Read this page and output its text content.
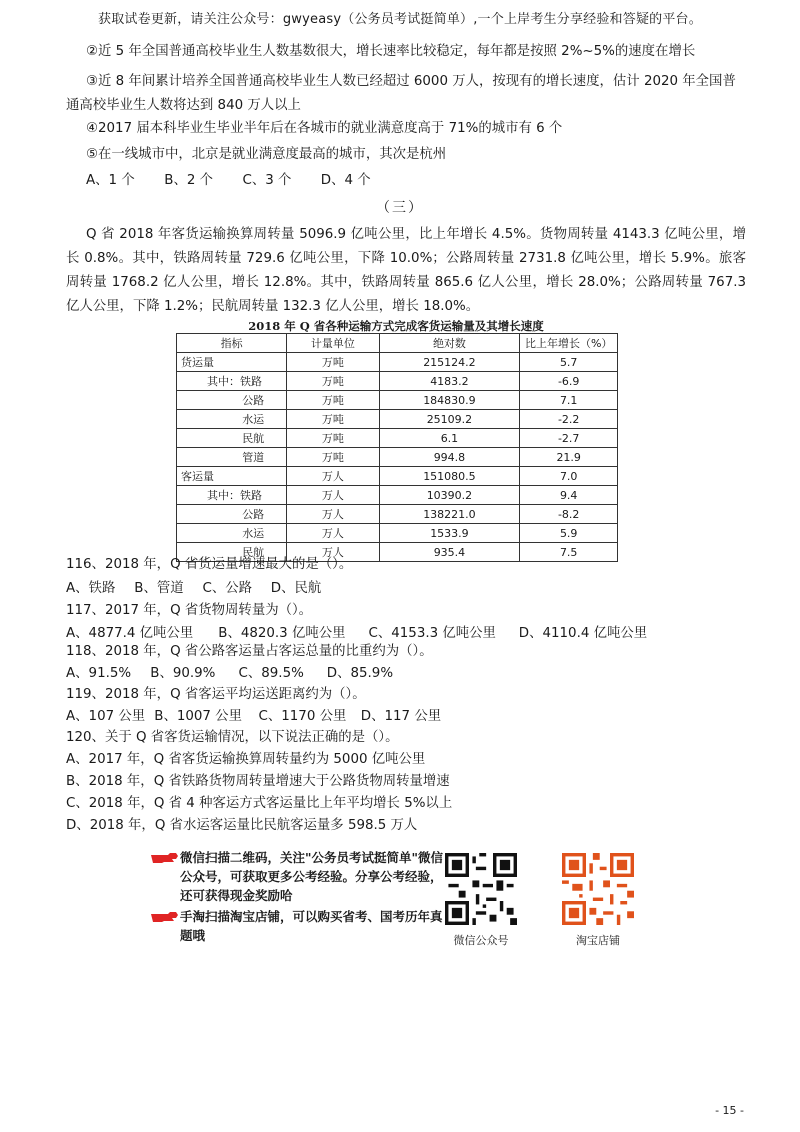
获取试卷更新，请关注公众号：gwyeasy（公务员考试挺简单）,一个上岸考生分享经验和答疑的平台。
②近 5 年全国普通高校毕业生人数基数很大，增长速率比较稳定，每年都是按照 2%~5%的速度在增长
③近 8 年间累计培养全国普通高校毕业生人数已经超过 6000 万人，按现有的增长速度，估计 2020 年全国普
通高校毕业生人数将达到 840 万人以上
④2017 届本科毕业生毕业半年后在各城市的就业满意度高于 71%的城市有 6 个
⑤在一线城市中，北京是就业满意度最高的城市，其次是杭州
A、1 个 B、2 个 C、3 个 D、4 个
（三）
Q 省 2018 年客货运输换算周转量 5096.9 亿吨公里，比上年增长 4.5%。货物周转量 4143.3 亿吨公里，增长 0.8%。其中，铁路周转量 729.6 亿吨公里，下降 10.0%；公路周转量 2731.8 亿吨公里，增长 5.9%。旅客周转量 1768.2 亿人公里，增长 12.8%。其中，铁路周转量 865.6 亿人公里，增长 28.0%；公路周转量 767.3 亿人公里，下降 1.2%；民航周转量 132.3 亿人公里，增长 18.0%。
2018 年 Q 省各种运输方式完成客货运输量及其增长速度
指标	计量单位	绝对数	比上年增长（%）
货运量	万吨	215124.2	5.7
其中：铁路	万吨	4183.2	-6.9
公路	万吨	184830.9	7.1
水运	万吨	25109.2	-2.2
民航	万吨	6.1	-2.7
管道	万吨	994.8	21.9
客运量	万人	151080.5	7.0
其中：铁路	万人	10390.2	9.4
公路	万人	138221.0	-8.2
水运	万人	1533.9	5.9
民航	万人	935.4	7.5
116、2018 年，Q 省货运量增速最大的是（）。
A、铁路 B、管道 C、公路 D、民航
117、2017 年，Q 省货物周转量为（）。
A、4877.4 亿吨公里 B、4820.3 亿吨公里 C、4153.3 亿吨公里 D、4110.4 亿吨公里
118、2018 年，Q 省公路客运量占客运总量的比重约为（）。
A、91.5% B、90.9% C、89.5% D、85.9%
119、2018 年，Q 省客运平均运送距离约为（）。
A、107 公里 B、1007 公里 C、1170 公里 D、117 公里
120、关于 Q 省客货运输情况，以下说法正确的是（）。
A、2017 年，Q 省客货运输换算周转量约为 5000 亿吨公里
B、2018 年，Q 省铁路货物周转量增速大于公路货物周转量增速
C、2018 年，Q 省 4 种客运方式客运量比上年平均增长 5%以上
D、2018 年，Q 省水运客运量比民航客运量多 598.5 万人
微信扫描二维码，关注"公务员考试挺简单"微信公众号，可获取更多公考经验。分享公考经验，还可获得现金奖励哈
手淘扫描淘宝店铺，可以购买省考、国考历年真题哦	微信公众号	淘宝店铺
- 15 -
